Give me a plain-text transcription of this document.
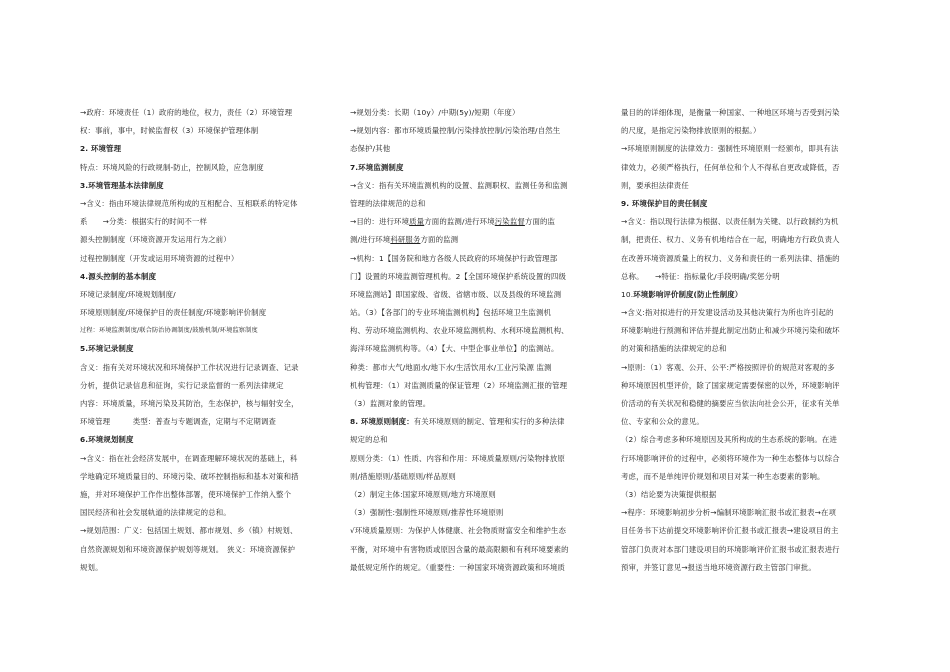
→政府：环境责任（1）政府的地位，权力，责任（2）环境管理
权：事前，事中，时候监督权（3）环境保护管理体制
2. 环境管理
特点：环境风险的行政规制-防止，控制风险，应急制度
3.环境管理基本法律制度
→含义：指由环境法律规范所构成的互相配合、互相联系的特定体
系　　→分类：根据实行的时间不一样
源头控制制度（环境资源开发运用行为之前）
过程控制制度（开发或运用环境资源的过程中）
4.源头控制的基本制度
环境记录制度/环境规划制度/
环境原则制度/环境保护目的责任制度/环境影响评价制度
过程：环境监测制度/联合防治协调制度/鼓励机制/环境监察制度
5.环境记录制度
含义：指有关对环境状况和环境保护工作状况进行记录调查、记录
分析，提供记录信息和征询，实行记录监督的一系列法律规定
内容：环境质量，环境污染及其防治，生态保护，核与辐射安全，
环境管理　　　类型：普查与专题调查，定期与不定期调查
6.环境规划制度
→含义：指在社会经济发展中，在调查理解环境状况的基础上，科
学地确定环境质量目的、环境污染、破坏控制指标和基本对策和措
施，并对环境保护工作作出整体部署，使环境保护工作纳入整个
国民经济和社会发展轨道的法律规定的总和。
→规划范围：广义：包括国土规划、都市规划、乡（镇）村规划、
自然资源规划和环境资源保护规划等规划。　狭义：环境资源保护
规划。
→规划分类：长期（10y）/中期(5y)/短期（年度）
→规划内容：都市环境质量控制/污染排放控制/污染治理/自然生
态保护/其他
7.环境监测制度
→含义：指有关环境监测机构的设置、监测职权、监测任务和监测
管理的法律规范的总和
→目的：进行环境质量方面的监测/进行环境污染监督方面的监
测/进行环境科研服务方面的监测
→机构：1【国务院和地方各级人民政府的环境保护行政管理部
门】设置的环境监测管理机构。2【全国环境保护系统设置的四级
环境监测站】即国家级、省级、省辖市级、以及县级的环境监测
站。（3）【各部门的专业环境监测机构】包括环境卫生监测机
构、劳动环境监测机构、农业环境监测机构、水利环境监测机构、
海洋环境监测机构等。（4）【大、中型企事业单位】的监测站。
种类：都市大气/地面水/地下水/生活饮用水/工业污染源 监测
机构管理：（1）对监测质量的保证管理（2）环境监测汇报的管理
（3）监测对象的管理。
8. 环境原则制度：有关环境原则的制定、管理和实行的多种法律
规定的总和
原则分类：（1）性质、内容和作用：环境质量原则/污染物排放原
则/措施原则/基础原则/样品原则
（2）制定主体:国家环境原则/地方环境原则
（3）强制性:强制性环境原则/推荐性环境原则
√环境质量原则：为保护人体健康、社会物质财富安全和维护生态
平衡，对环境中有害物质或原因含量的最高限额和有利环境要素的
最低规定所作的规定。（重要性：一种国家环境资源政策和环境质
量目的的详细体现，是衡量一种国家、一种地区环境与否受到污染
的尺度，是指定污染物排放原则的根据。）
→环境原则制度的法律效力：强制性环境原则一经颁布，即具有法
律效力，必须严格执行，任何单位和个人不得私自更改或降低，否
则，要承担法律责任
9. 环境保护目的责任制度
→含义：指以现行法律为根据、以责任制为关键、以行政制约为机
制，把责任、权力、义务有机地结合在一起，明确地方行政负责人
在改善环境资源质量上的权力、义务和责任的一系列法律、措施的
总称。　　→特征：指标量化/手段明确/奖惩分明
10.环境影响评价制度(防止性制度）
→含义:指对拟进行的开发建设活动及其他决策行为所也许引起的
环境影响进行预测和评估并提此制定出防止和减少环境污染和破坏
的对策和措施的法律规定的总和
→原则：（1）客观、公开、公平:严格按照评价的规范对客观的多
种环境原因机型评价，除了国家规定需要保密的以外，环境影响评
价活动的有关状况和稳健的摘要应当依法向社会公开，征求有关单
位、专家和公众的意见。
（2）综合考虑多种环境原因及其所构成的生态系统的影响。在进
行环境影响评价的过程中，必须将环境作为一种生态整体与以综合
考虑，而不是单纯评价规划和项目对某一种生态要素的影响。
（3）结论要为决策提供根据
→程序：环境影响初步分析→编制环境影响汇报书或汇报表→在项
目任务书下达前提交环境影响评价汇报书或汇报表→建设项目的主
管部门负责对本部门建设项目的环境影响评价汇报书或汇报表进行
预审，并签订意见→报送当地环境资源行政主管部门审批。
